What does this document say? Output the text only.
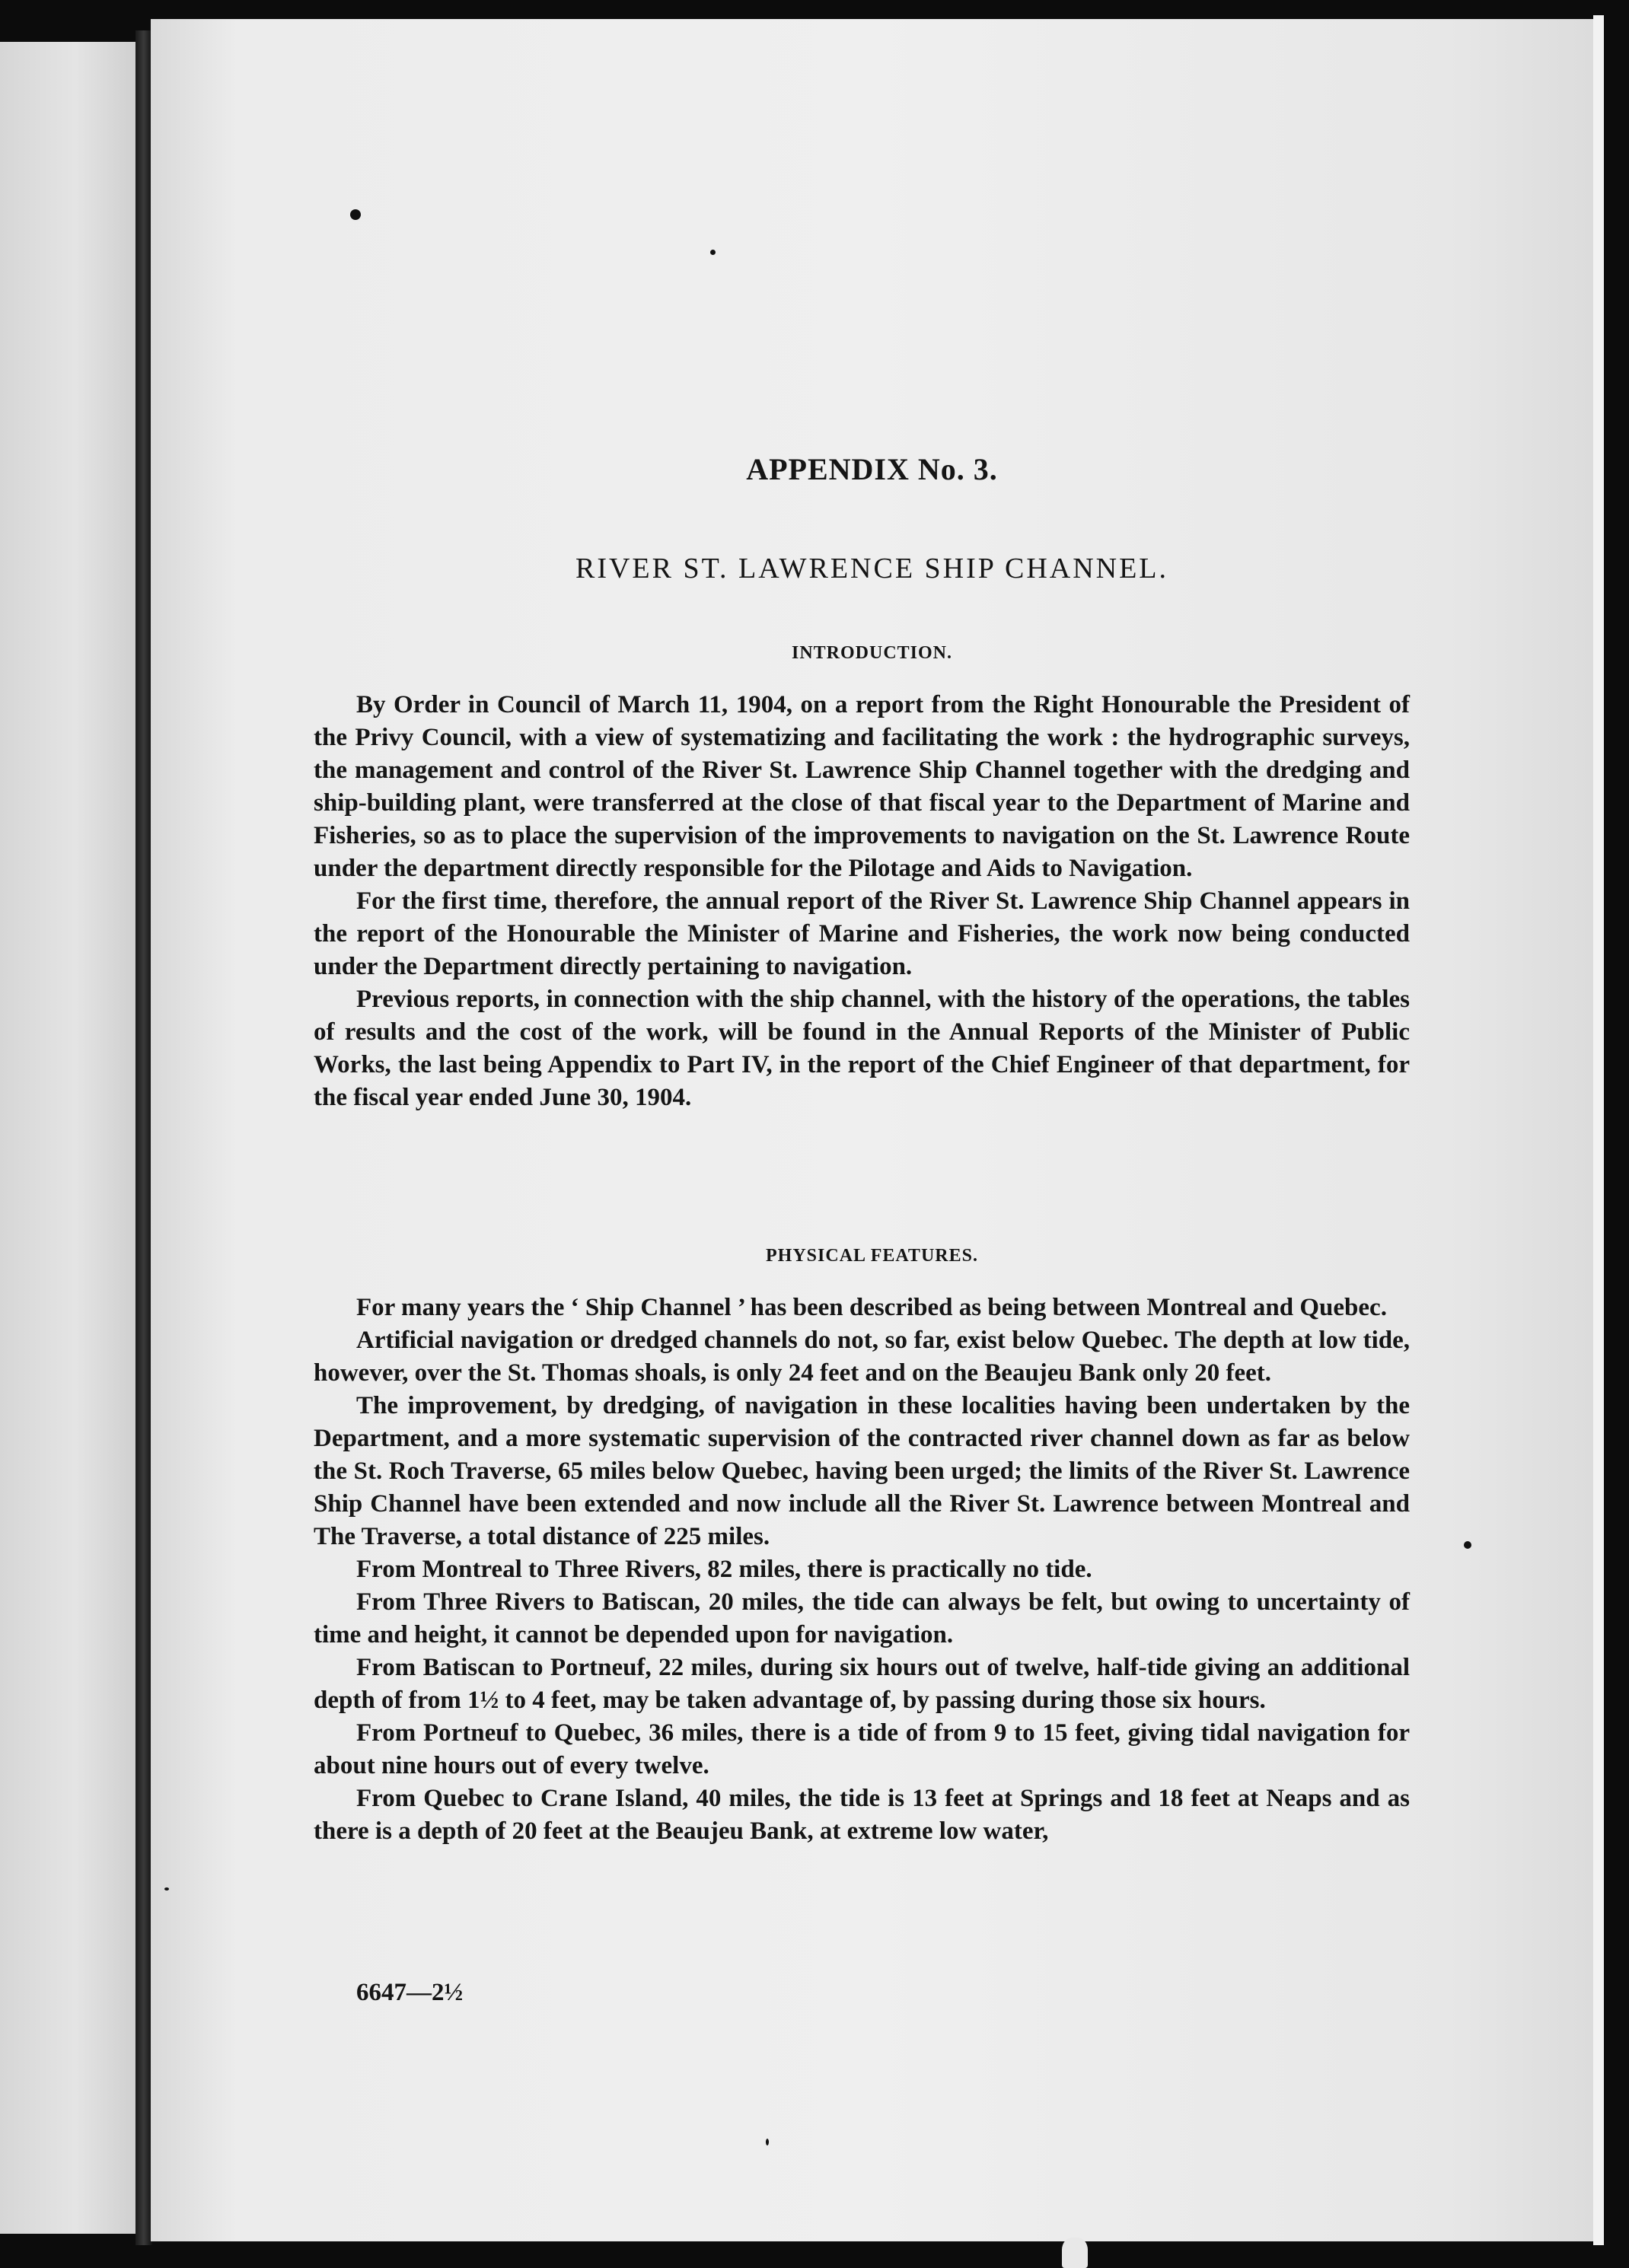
APPENDIX No. 3.
RIVER ST. LAWRENCE SHIP CHANNEL.
INTRODUCTION.

By Order in Council of March 11, 1904, on a report from the Right Honourable the President of the Privy Council, with a view of systematizing and facilitating the work : the hydrographic surveys, the management and control of the River St. Lawrence Ship Channel together with the dredging and ship-building plant, were transferred at the close of that fiscal year to the Department of Marine and Fisheries, so as to place the supervision of the improvements to navigation on the St. Lawrence Route under the department directly responsible for the Pilotage and Aids to Navigation.

For the first time, therefore, the annual report of the River St. Lawrence Ship Channel appears in the report of the Honourable the Minister of Marine and Fisheries, the work now being conducted under the Department directly pertaining to navigation.

Previous reports, in connection with the ship channel, with the history of the operations, the tables of results and the cost of the work, will be found in the Annual Reports of the Minister of Public Works, the last being Appendix to Part IV, in the report of the Chief Engineer of that department, for the fiscal year ended June 30, 1904.

PHYSICAL FEATURES.

For many years the ‘ Ship Channel ’ has been described as being between Montreal and Quebec.

Artificial navigation or dredged channels do not, so far, exist below Quebec. The depth at low tide, however, over the St. Thomas shoals, is only 24 feet and on the Beaujeu Bank only 20 feet.

The improvement, by dredging, of navigation in these localities having been undertaken by the Department, and a more systematic supervision of the contracted river channel down as far as below the St. Roch Traverse, 65 miles below Quebec, having been urged; the limits of the River St. Lawrence Ship Channel have been extended and now include all the River St. Lawrence between Montreal and The Traverse, a total distance of 225 miles.

From Montreal to Three Rivers, 82 miles, there is practically no tide.

From Three Rivers to Batiscan, 20 miles, the tide can always be felt, but owing to uncertainty of time and height, it cannot be depended upon for navigation.

From Batiscan to Portneuf, 22 miles, during six hours out of twelve, half-tide giving an additional depth of from 1½ to 4 feet, may be taken advantage of, by passing during those six hours.

From Portneuf to Quebec, 36 miles, there is a tide of from 9 to 15 feet, giving tidal navigation for about nine hours out of every twelve.

From Quebec to Crane Island, 40 miles, the tide is 13 feet at Springs and 18 feet at Neaps and as there is a depth of 20 feet at the Beaujeu Bank, at extreme low water,

6647—2½
